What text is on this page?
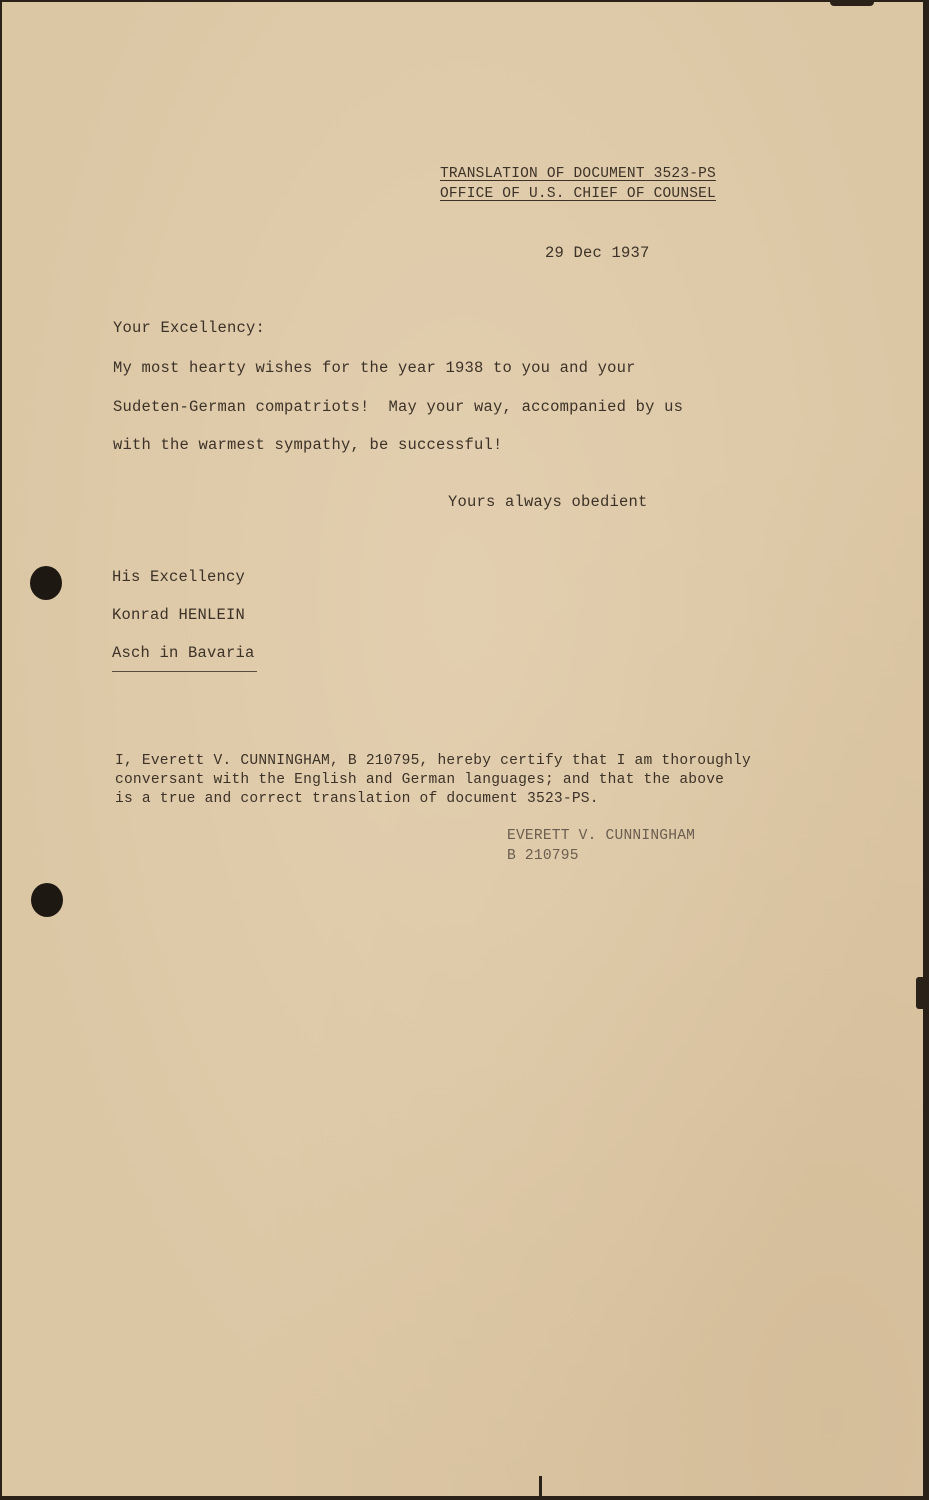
TRANSLATION OF DOCUMENT 3523-PS
OFFICE OF U.S. CHIEF OF COUNSEL
29 Dec 1937
Your Excellency:
My most hearty wishes for the year 1938 to you and your
Sudeten-German compatriots!  May your way, accompanied by us
with the warmest sympathy, be successful!
Yours always obedient
His Excellency
Konrad HENLEIN
Asch in Bavaria
I, Everett V. CUNNINGHAM, B 210795, hereby certify that I am thoroughly
conversant with the English and German languages; and that the above
is a true and correct translation of document 3523-PS.
EVERETT V. CUNNINGHAM
B 210795
